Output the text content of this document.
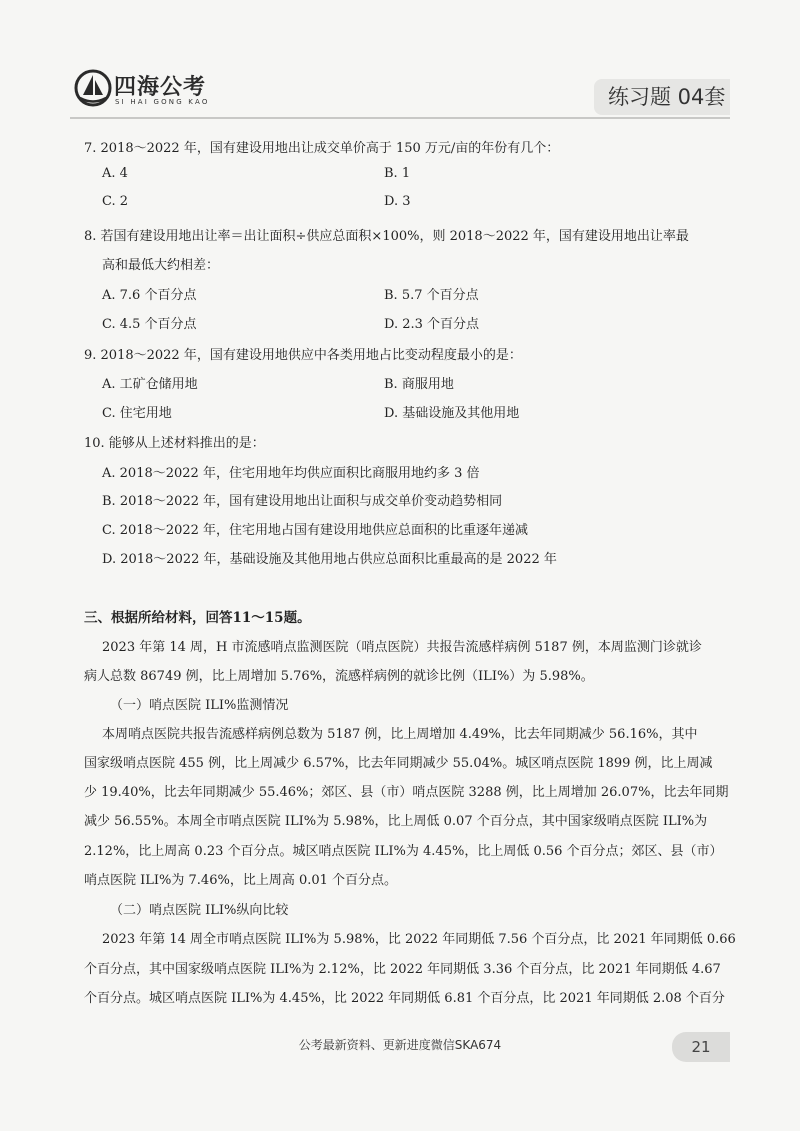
四海公考
SI HAI GONG KAO	练习题 04套
7. 2018～2022 年，国有建设用地出让成交单价高于 150 万元/亩的年份有几个：
A. 4	B. 1
C. 2	D. 3
8. 若国有建设用地出让率＝出让面积÷供应总面积×100%，则 2018～2022 年，国有建设用地出让率最
高和最低大约相差：
A. 7.6 个百分点	B. 5.7 个百分点
C. 4.5 个百分点	D. 2.3 个百分点
9. 2018～2022 年，国有建设用地供应中各类用地占比变动程度最小的是：
A. 工矿仓储用地	B. 商服用地
C. 住宅用地	D. 基础设施及其他用地
10. 能够从上述材料推出的是：
A. 2018～2022 年，住宅用地年均供应面积比商服用地约多 3 倍
B. 2018～2022 年，国有建设用地出让面积与成交单价变动趋势相同
C. 2018～2022 年，住宅用地占国有建设用地供应总面积的比重逐年递减
D. 2018～2022 年，基础设施及其他用地占供应总面积比重最高的是 2022 年
三、根据所给材料，回答11～15题。
2023 年第 14 周，H 市流感哨点监测医院（哨点医院）共报告流感样病例 5187 例，本周监测门诊就诊
病人总数 86749 例，比上周增加 5.76%，流感样病例的就诊比例（ILI%）为 5.98%。
（一）哨点医院 ILI%监测情况
本周哨点医院共报告流感样病例总数为 5187 例，比上周增加 4.49%，比去年同期减少 56.16%，其中
国家级哨点医院 455 例，比上周减少 6.57%，比去年同期减少 55.04%。城区哨点医院 1899 例，比上周减
少 19.40%，比去年同期减少 55.46%；郊区、县（市）哨点医院 3288 例，比上周增加 26.07%，比去年同期
减少 56.55%。本周全市哨点医院 ILI%为 5.98%，比上周低 0.07 个百分点，其中国家级哨点医院 ILI%为
2.12%，比上周高 0.23 个百分点。城区哨点医院 ILI%为 4.45%，比上周低 0.56 个百分点；郊区、县（市）
哨点医院 ILI%为 7.46%，比上周高 0.01 个百分点。
（二）哨点医院 ILI%纵向比较
2023 年第 14 周全市哨点医院 ILI%为 5.98%，比 2022 年同期低 7.56 个百分点，比 2021 年同期低 0.66
个百分点，其中国家级哨点医院 ILI%为 2.12%，比 2022 年同期低 3.36 个百分点，比 2021 年同期低 4.67
个百分点。城区哨点医院 ILI%为 4.45%，比 2022 年同期低 6.81 个百分点，比 2021 年同期低 2.08 个百分
公考最新资料、更新进度微信SKA674	21
